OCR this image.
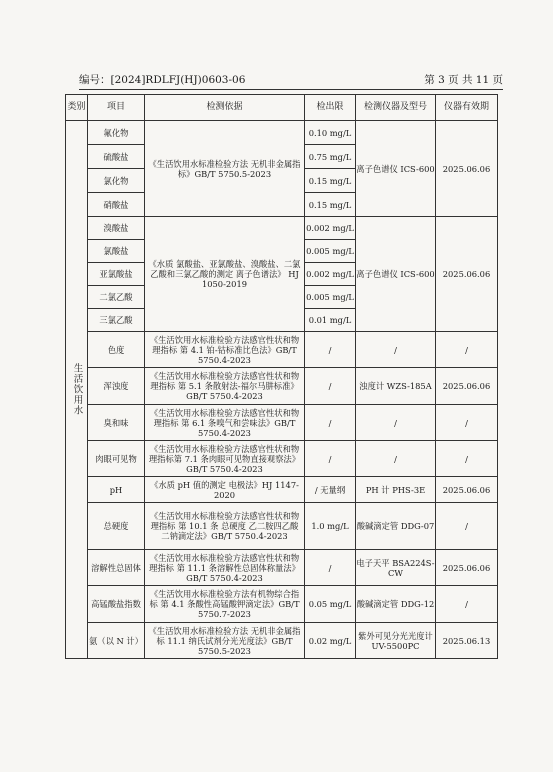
编号：[2024]RDLFJ(HJ)0603-06	第 3 页 共 11 页
类别	项目	检测依据	检出限	检测仪器及型号	仪器有效期

生活饮用水	氟化物	《生活饮用水标准检验方法 无机非金属指标》GB/T 5750.5-2023	0.10 mg/L	离子色谱仪 ICS-600	2025.06.06
	硫酸盐		0.75 mg/L		
	氯化物		0.15 mg/L		
	硝酸盐		0.15 mg/L		
	溴酸盐	《水质 氯酸盐、亚氯酸盐、溴酸盐、二氯乙酸和三氯乙酸的测定 离子色谱法》 HJ 1050-2019	0.002 mg/L	离子色谱仪 ICS-600	2025.06.06
	氯酸盐		0.005 mg/L		
	亚氯酸盐		0.002 mg/L		
	二氯乙酸		0.005 mg/L		
	三氯乙酸		0.01 mg/L		
	色度	《生活饮用水标准检验方法感官性状和物理指标 第 4.1 铂-钴标准比色法》GB/T 5750.4-2023	/	/	/
	浑浊度	《生活饮用水标准检验方法感官性状和物理指标 第 5.1 条散射法-福尔马肼标准》GB/T 5750.4-2023	/	浊度计 WZS-185A	2025.06.06
	臭和味	《生活饮用水标准检验方法感官性状和物理指标 第 6.1 条嗅气和尝味法》GB/T 5750.4-2023	/	/	/
	肉眼可见物	《生活饮用水标准检验方法感官性状和物理指标第 7.1 条肉眼可见物直接观察法》GB/T 5750.4-2023	/	/	/
	pH	《水质 pH 值的测定 电极法》HJ 1147-2020	/ 无量纲	PH 计 PHS-3E	2025.06.06
	总硬度	《生活饮用水标准检验方法感官性状和物理指标 第 10.1 条 总硬度 乙二胺四乙酸二钠滴定法》GB/T 5750.4-2023	1.0 mg/L	酸碱滴定管 DDG-07	/
	溶解性总固体	《生活饮用水标准检验方法感官性状和物理指标 第 11.1 条溶解性总固体称量法》GB/T 5750.4-2023	/	电子天平 BSA224S-CW	2025.06.06
	高锰酸盐指数	《生活饮用水标准检验方法有机物综合指标 第 4.1 条酸性高锰酸钾滴定法》GB/T 5750.7-2023	0.05 mg/L	酸碱滴定管 DDG-12	/
	氨（以 N 计）	《生活饮用水标准检验方法 无机非金属指标 11.1 纳氏试剂分光光度法》GB/T 5750.5-2023	0.02 mg/L	紫外可见分光光度计 UV-5500PC	2025.06.13
